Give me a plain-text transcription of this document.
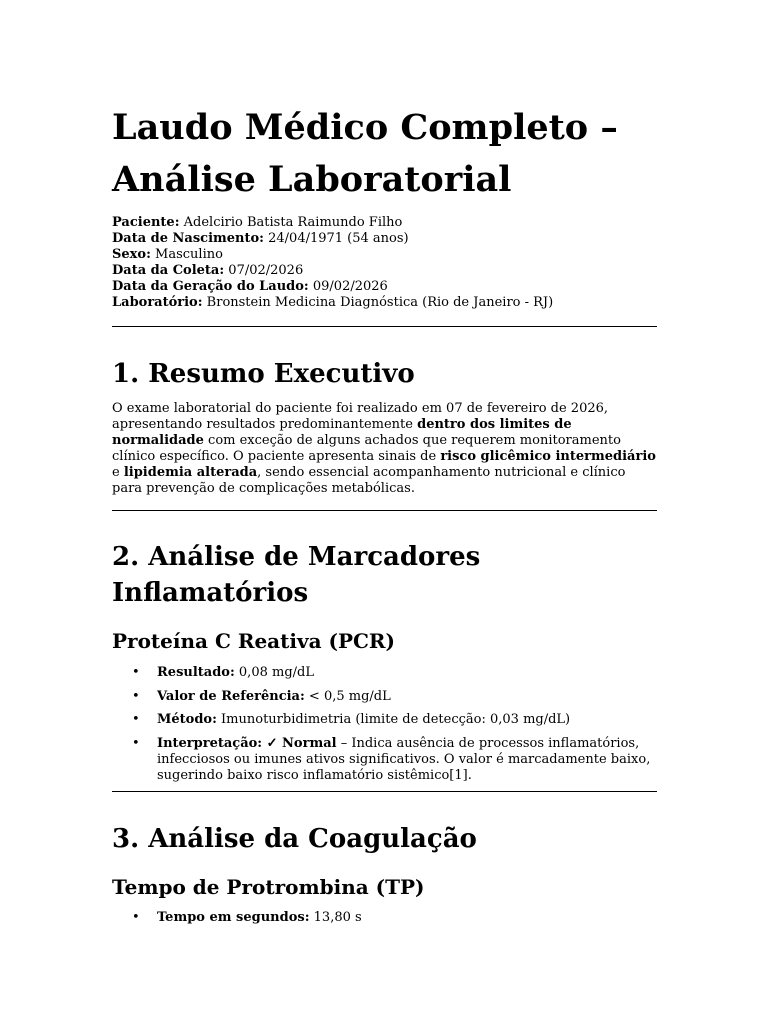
Laudo Médico Completo – Análise Laboratorial
Paciente: Adelcirio Batista Raimundo Filho
Data de Nascimento: 24/04/1971 (54 anos)
Sexo: Masculino
Data da Coleta: 07/02/2026
Data da Geração do Laudo: 09/02/2026
Laboratório: Bronstein Medicina Diagnóstica (Rio de Janeiro - RJ)
1. Resumo Executivo

O exame laboratorial do paciente foi realizado em 07 de fevereiro de 2026, apresentando resultados predominantemente dentro dos limites de normalidade com exceção de alguns achados que requerem monitoramento clínico específico. O paciente apresenta sinais de risco glicêmico intermediário e lipidemia alterada, sendo essencial acompanhamento nutricional e clínico para prevenção de complicações metabólicas.

2. Análise de Marcadores Inflamatórios
Proteína C Reativa (PCR)
• Resultado: 0,08 mg/dL
• Valor de Referência: < 0,5 mg/dL
• Método: Imunoturbidimetria (limite de detecção: 0,03 mg/dL)
• Interpretação: ✓ Normal – Indica ausência de processos inflamatórios, infecciosos ou imunes ativos significativos. O valor é marcadamente baixo, sugerindo baixo risco inflamatório sistêmico[1].
3. Análise da Coagulação
Tempo de Protrombina (TP)
• Tempo em segundos: 13,80 s
